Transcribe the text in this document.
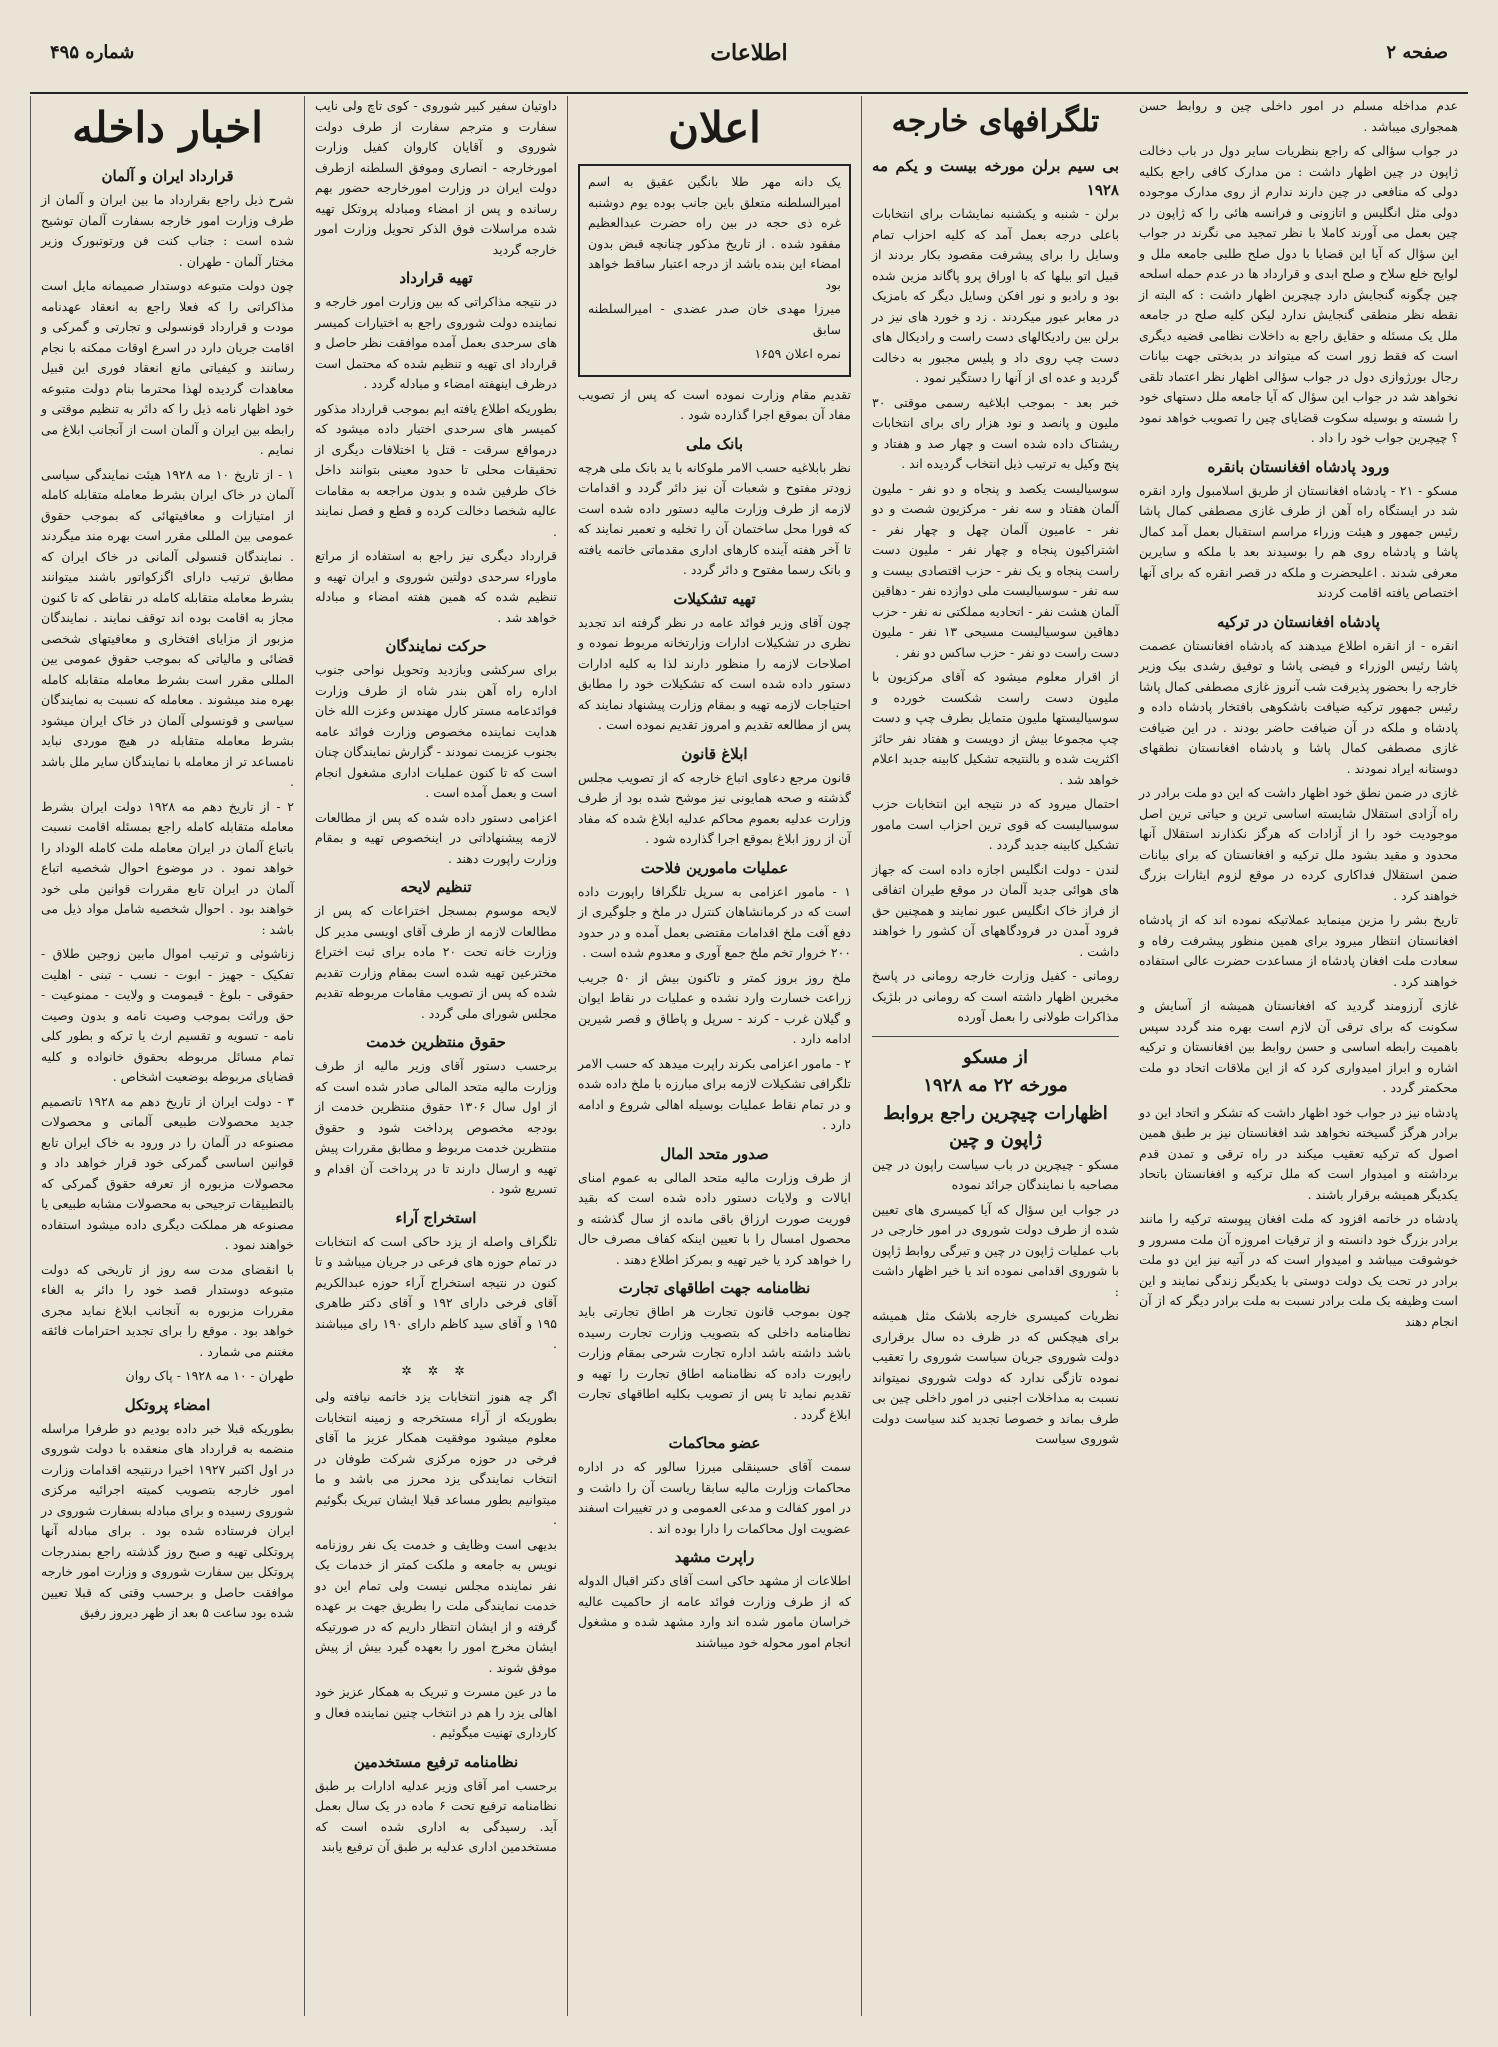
صفحه ۲
اطلاعات
شماره ۴۹۵
اخبار داخله
قرارداد ایران و آلمان

شرح ذیل راجع بقرارداد ما بین ایران و آلمان از طرف وزارت امور خارجه بسفارت آلمان توشیح شده است : جناب کنت فن ورتوتبورک وزیر مختار آلمان - طهران .

چون دولت متبوعه دوستدار صمیمانه مایل است مذاکراتی را که فعلا راجع به انعقاد عهدنامه مودت و قرارداد قونسولی و تجارتی و گمرکی و اقامت جریان دارد در اسرع اوقات ممکنه با نجام رسانند و کیفیاتی مانع انعقاد فوری این قبیل معاهدات گردیده لهذا محترما بنام دولت متبوعه خود اظهار نامه ذیل را که دائر به تنظیم موقتی و رابطه بین ایران و آلمان است از آنجانب ابلاغ می نمایم .

۱ - از تاریخ ۱۰ مه ۱۹۲۸ هیئت نمایندگی سیاسی آلمان در خاک ایران بشرط معامله متقابله کامله از امتیازات و معافیتهائی که بموجب حقوق عمومی بین المللی مقرر است بهره مند میگردند . نمایندگان قنسولی آلمانی در خاک ایران که مطابق ترتیب دارای اگزکواتور باشند میتوانند بشرط معامله متقابله کامله در نقاطی که تا کنون مجاز به اقامت بوده اند توقف نمایند . نمایندگان مزبور از مزایای افتخاری و معافیتهای شخصی قضائی و مالیاتی که بموجب حقوق عمومی بین المللی مقرر است بشرط معامله متقابله کامله بهره مند میشوند . معامله که نسبت به نمایندگان سیاسی و قونسولی آلمان در خاک ایران میشود بشرط معامله متقابله در هیچ موردی نباید نامساعد تر از معامله با نمایندگان سایر ملل باشد .

۲ - از تاریخ دهم مه ۱۹۲۸ دولت ایران بشرط معامله متقابله کامله راجع بمسئله اقامت نسبت باتباع آلمان در ایران معامله ملت کامله الوداد را خواهد نمود . در موضوع احوال شخصیه اتباع آلمان در ایران تابع مقررات قوانین ملی خود خواهند بود . احوال شخصیه شامل مواد ذیل می باشد :

زناشوئی و ترتیب اموال مابین زوجین طلاق - تفکیک - جهیز - ابوت - نسب - تبنی - اهلیت حقوقی - بلوغ - قیمومت و ولایت - ممنوعیت - حق وراثت بموجب وصیت نامه و بدون وصیت نامه - تسویه و تقسیم ارث یا ترکه و بطور کلی تمام مسائل مربوطه بحقوق خانواده و کلیه قضایای مربوطه بوضعیت اشخاص .

۳ - دولت ایران از تاریخ دهم مه ۱۹۲۸ تاتصمیم جدید محصولات طبیعی آلمانی و محصولات مصنوعه در آلمان را در ورود به خاک ایران تابع قوانین اساسی گمرکی خود قرار خواهد داد و محصولات مزبوره از تعرفه حقوق گمرکی که بالتطبیقات ترجیحی به محصولات مشابه طبیعی یا مصنوعه هر مملکت دیگری داده میشود استفاده خواهند نمود .

با انقضای مدت سه روز از تاریخی که دولت متبوعه دوستدار قصد خود را دائر به الغاء مقررات مزبوره به آنجانب ابلاغ نماید مجری خواهد بود . موقع را برای تجدید احترامات فائقه مغتنم می شمارد .

طهران - ۱۰ مه ۱۹۲۸ - پاک روان

امضاء پروتکل

بطوریکه قبلا خبر داده بودیم دو طرفرا مراسله منضمه به قرارداد های منعقده با دولت شوروی در اول اکتبر ۱۹۲۷ اخیرا درنتیجه اقدامات وزارت امور خارجه بتصویب کمیته اجرائیه مرکزی شوروی رسیده و برای مبادله بسفارت شوروی در ایران فرستاده شده بود . برای مبادله آنها پروتکلی تهیه و صبح روز گذشته راجع بمندرجات پروتکل بین سفارت شوروی و وزارت امور خارجه موافقت حاصل و برحسب وقتی که قبلا تعیین شده بود ساعت ۵ بعد از ظهر دیروز رفیق

داوتیان سفیر کبیر شوروی - کوی تاچ ولی نایب سفارت و مترجم سفارت از طرف دولت شوروی و آقایان کاروان کفیل وزارت امورخارجه - انصاری وموفق السلطنه ازطرف دولت ایران در وزارت امورخارجه حضور بهم رسانده و پس از امضاء ومبادله پروتکل تهیه شده مراسلات فوق الذکر تحویل وزارت امور خارجه گردید

تهیه قرارداد

در نتیجه مذاکراتی که بین وزارت امور خارجه و نماینده دولت شوروی راجع به اختیارات کمیسر های سرحدی بعمل آمده موافقت نظر حاصل و قرارداد ای تهیه و تنظیم شده که محتمل است درظرف اینهفته امضاء و مبادله گردد .

بطوریکه اطلاع یافته ایم بموجب قرارداد مذکور کمیسر های سرحدی اختیار داده میشود که درمواقع سرقت - قتل یا اختلافات دیگری از تحقیقات محلی تا حدود معینی بتوانند داخل خاک طرفین شده و بدون مراجعه به مقامات عالیه شخصا دخالت کرده و قطع و فصل نمایند .

قرارداد دیگری نیز راجع به استفاده از مراتع ماوراء سرحدی دولتین شوروی و ایران تهیه و تنظیم شده که همین هفته امضاء و مبادله خواهد شد .

حرکت نمایندگان

برای سرکشی وبازدید وتحویل نواحی جنوب اداره راه آهن بندر شاه از طرف وزارت فوائدعامه مستر کارل مهندس وعزت الله خان هدایت نماینده مخصوص وزارت فوائد عامه بجنوب عزیمت نمودند - گزارش نمایندگان چنان است که تا کنون عملیات اداری مشغول انجام است و بعمل آمده است .

اعزامی دستور داده شده که پس از مطالعات لازمه پیشنهاداتی در اینخصوص تهیه و بمقام وزارت راپورت دهند .

تنظیم لایحه

لایحه موسوم بمسجل اختراعات که پس از مطالعات لازمه از طرف آقای اویسی مدیر کل وزارت خانه تحت ۲۰ ماده برای ثبت اختراع مخترعین تهیه شده است بمقام وزارت تقدیم شده که پس از تصویب مقامات مربوطه تقدیم مجلس شورای ملی گردد .

حقوق منتظرین خدمت

برحسب دستور آقای وزیر مالیه از طرف وزارت مالیه متحد المالی صادر شده است که از اول سال ۱۳۰۶ حقوق منتظرین خدمت از بودجه مخصوص پرداخت شود و حقوق منتظرین خدمت مربوط و مطابق مقررات پیش تهیه و ارسال دارند تا در پرداخت آن اقدام و تسریع شود .

استخراج آراء

تلگراف واصله از یزد حاکی است که انتخابات در تمام حوزه های فرعی در جریان میباشد و تا کنون در نتیجه استخراج آراء حوزه عبدالکریم آقای فرخی دارای ۱۹۲ و آقای دکتر طاهری ۱۹۵ و آقای سید کاظم دارای ۱۹۰ رای میباشند .

✲ ✲ ✲

اگر چه هنوز انتخابات یزد خاتمه نیافته ولی بطوریکه از آراء مستخرجه و زمینه انتخابات معلوم میشود موفقیت همکار عزیز ما آقای فرخی در حوزه مرکزی شرکت طوفان در انتخاب نمایندگی یزد محرز می باشد و ما میتوانیم بطور مساعد قبلا ایشان تبریک بگوئیم .

بدیهی است وظایف و خدمت یک نفر روزنامه نویس به جامعه و ملکت کمتر از خدمات یک نفر نماینده مجلس نیست ولی تمام این دو خدمت نمایندگی ملت را بطریق جهت بر عهده گرفته و از ایشان انتظار داریم که در صورتیکه ایشان مخرج امور را بعهده گیرد بیش از پیش موفق شوند .

ما در عین مسرت و تبریک به همکار عزیز خود اهالی یزد را هم در انتخاب چنین نماینده فعال و کارداری تهنیت میگوئیم .

نظامنامه ترفیع مستخدمین

برحسب امر آقای وزیر عدلیه ادارات بر طبق نظامنامه ترفیع تحت ۶ ماده در یک سال بعمل آید. رسیدگی به اداری شده است که مستخدمین اداری عدلیه بر طبق آن ترفیع یابند

اعلان

یک دانه مهر طلا بانگین عقیق به اسم امیرالسلطنه متعلق باین جانب بوده یوم دوشنبه غره ذی حجه در بین راه حضرت عبدالعظیم مفقود شده . از تاریخ مذکور چنانچه قبض بدون امضاء این بنده باشد از درجه اعتبار ساقط خواهد بود

میرزا مهدی خان صدر عضدی - امیرالسلطنه سابق

نمره اعلان ۱۶۵۹

تقدیم مقام وزارت نموده است که پس از تصویب مفاد آن بموقع اجرا گذارده شود .

بانک ملی

نظر بابلاغیه حسب الامر ملوکانه با ید بانک ملی هرچه زودتر مفتوح و شعبات آن نیز دائر گردد و اقدامات لازمه از طرف وزارت مالیه دستور داده شده است که فورا محل ساختمان آن را تخلیه و تعمیر نمایند که تا آخر هفته آینده کارهای اداری مقدماتی خاتمه یافته و بانک رسما مفتوح و دائر گردد .

تهیه تشکیلات

چون آقای وزیر فوائد عامه در نظر گرفته اند تجدید نظری در تشکیلات ادارات وزارتخانه مربوط نموده و اصلاحات لازمه را منظور دارند لذا به کلیه ادارات دستور داده شده است که تشکیلات خود را مطابق احتیاجات لازمه تهیه و بمقام وزارت پیشنهاد نمایند که پس از مطالعه تقدیم و امروز تقدیم نموده است .

ابلاغ قانون

قانون مرجع دعاوی اتباع خارجه که از تصویب مجلس گذشته و صحه همایونی نیز موشح شده بود از طرف وزارت عدلیه بعموم محاکم عدلیه ابلاغ شده که مفاد آن از روز ابلاغ بموقع اجرا گذارده شود .

عملیات مامورین فلاحت

۱ - مامور اعزامی به سرپل تلگرافا راپورت داده است که در کرمانشاهان کنترل در ملخ و جلوگیری از دفع آفت ملخ اقدامات مقتضی بعمل آمده و در حدود ۲۰۰ خروار تخم ملخ جمع آوری و معدوم شده است .

ملخ روز بروز کمتر و تاکنون بیش از ۵۰ جریب زراعت خسارت وارد نشده و عملیات در نقاط ایوان و گیلان غرب - کرند - سرپل و پاطاق و قصر شیرین ادامه دارد .

۲ - مامور اعزامی بکرند راپرت میدهد که حسب الامر تلگرافی تشکیلات لازمه برای مبارزه با ملخ داده شده و در تمام نقاط عملیات بوسیله اهالی شروع و ادامه دارد .

صدور متحد المال

از طرف وزارت مالیه متحد المالی به عموم امنای ایالات و ولایات دستور داده شده است که بقید فوریت صورت ارزاق باقی مانده از سال گذشته و محصول امسال را با تعیین اینکه کفاف مصرف حال را خواهد کرد یا خیر تهیه و بمرکز اطلاع دهند .

نظامنامه جهت اطاقهای تجارت

چون بموجب قانون تجارت هر اطاق تجارتی باید نظامنامه داخلی که بتصویب وزارت تجارت رسیده باشد داشته باشد اداره تجارت شرحی بمقام وزارت راپورت داده که نظامنامه اطاق تجارت را تهیه و تقدیم نماید تا پس از تصویب بکلیه اطاقهای تجارت ابلاغ گردد .

عضو محاکمات

سمت آقای حسینقلی میرزا سالور که در اداره محاکمات وزارت مالیه سابقا ریاست آن را داشت و در امور کفالت و مدعی العمومی و در تغییرات اسفند عضویت اول محاکمات را دارا بوده اند .

راپرت مشهد

اطلاعات از مشهد حاکی است آقای دکتر اقبال الدوله که از طرف وزارت فوائد عامه از حاکمیت عالیه خراسان مامور شده اند وارد مشهد شده و مشغول انجام امور محوله خود میباشند

تلگرافهای خارجه
بی سیم برلن مورخه بیست و یکم مه ۱۹۲۸

برلن - شنبه و یکشنبه نمایشات برای انتخابات باعلی درجه بعمل آمد که کلیه احزاب تمام وسایل را برای پیشرفت مقصود بکار بردند از قبیل اتو بیلها که با اوراق پرو پاگاند مزین شده بود و رادیو و نور افکن وسایل دیگر که بامزیک در معابر عبور میکردند . زد و خورد های نیز در برلن بین رادیکالهای دست راست و رادیکال های دست چپ روی داد و پلیس مجبور به دخالت گردید و عده ای از آنها را دستگیر نمود .

خبر بعد - بموجب ابلاغیه رسمی موقتی ۳۰ ملیون و پانصد و نود هزار رای برای انتخابات ریشتاک داده شده است و چهار صد و هفتاد و پنج وکیل به ترتیب ذیل انتخاب گردیده اند .

سوسیالیست یکصد و پنجاه و دو نفر - ملیون آلمان هفتاد و سه نفر - مرکزیون شصت و دو نفر - عامیون آلمان چهل و چهار نفر - اشتراکیون پنجاه و چهار نفر - ملیون دست راست پنجاه و یک نفر - حزب اقتصادی بیست و سه نفر - سوسیالیست ملی دوازده نفر - دهاقین آلمان هشت نفر - اتحادیه مملکتی نه نفر - حزب دهاقین سوسیالیست مسیحی ۱۳ نفر - ملیون دست راست دو نفر - حزب ساکس دو نفر .

از اقرار معلوم میشود که آقای مرکزیون با ملیون دست راست شکست خورده و سوسیالیستها ملیون متمایل بطرف چپ و دست چپ مجموعا بیش از دویست و هفتاد نفر حائز اکثریت شده و بالنتیجه تشکیل کابینه جدید اعلام خواهد شد .

احتمال میرود که در نتیجه این انتخابات حزب سوسیالیست که قوی ترین احزاب است مامور تشکیل کابینه جدید گردد .

لندن - دولت انگلیس اجازه داده است که جهاز های هوائی جدید آلمان در موقع طیران اتفاقی از فراز خاک انگلیس عبور نمایند و همچنین حق فرود آمدن در فرودگاههای آن کشور را خواهند داشت .

رومانی - کفیل وزارت خارجه رومانی در پاسخ مخبرین اظهار داشته است که رومانی در بلژیک مذاکرات طولانی را بعمل آورده

از مسکو
مورخه ۲۲ مه ۱۹۲۸
اظهارات چیچرین راجع بروابط ژاپون و چین

مسکو - چیچرین در باب سیاست راپون در چین مصاحبه با نمایندگان جرائد نموده

در جواب این سؤال که آیا کمیسری های تعیین شده از طرف دولت شوروی در امور خارجی در باب عملیات ژاپون در چین و تیرگی روابط ژاپون با شوروی اقدامی نموده اند یا خیر اظهار داشت :

نظریات کمیسری خارجه بلاشک مثل همیشه برای هیچکس که در ظرف ده سال برقراری دولت شوروی جریان سیاست شوروی را تعقیب نموده تازگی ندارد که دولت شوروی نمیتواند نسبت به مداخلات اجنبی در امور داخلی چین بی طرف بماند و خصوصا تجدید کند سیاست دولت شوروی سیاست

عدم مداخله مسلم در امور داخلی چین و روابط حسن همجواری میباشد .

در جواب سؤالی که راجع بنظریات سایر دول در باب دخالت ژاپون در چین اظهار داشت : من مدارک کافی راجع بکلیه دولی که منافعی در چین دارند ندارم از روی مدارک موجوده دولی مثل انگلیس و اتازونی و فرانسه هائی را که ژاپون در چین بعمل می آورند کاملا با نظر تمجید می نگرند در جواب این سؤال که آیا این قضایا با دول صلح طلبی جامعه ملل و لوایح خلع سلاح و صلح ابدی و قرارداد ها در عدم حمله اسلحه چین چگونه گنجایش دارد چیچرین اظهار داشت : که البته از نقطه نظر منطقی گنجایش ندارد لیکن کلیه صلح در جامعه ملل یک مسئله و حقایق راجع به داخلات نظامی قضیه دیگری است که فقط زور است که میتواند در بدبختی جهت بیانات رجال بورژوازی دول در جواب سؤالی اظهار نظر اعتماد تلقی نخواهد شد در جواب این سؤال که آیا جامعه ملل دستهای خود را شسته و بوسیله سکوت قضایای چین را تصویب خواهد نمود ؟ چیچرین جواب خود را داد .

ورود پادشاه افغانستان بانقره

مسکو - ۲۱ - پادشاه افغانستان از طریق اسلامبول وارد انقره شد در ایستگاه راه آهن از طرف غازی مصطفی کمال پاشا رئیس جمهور و هیئت وزراء مراسم استقبال بعمل آمد کمال پاشا و پادشاه روی هم را بوسیدند بعد با ملکه و سایرین معرفی شدند . اعلیحضرت و ملکه در قصر انقره که برای آنها اختصاص یافته اقامت کردند

پادشاه افغانستان در ترکیه

انقره - از انقره اطلاع میدهند که پادشاه افغانستان عصمت پاشا رئیس الوزراء و فیضی پاشا و توفیق رشدی بیک وزیر خارجه را بحضور پذیرفت شب آنروز غازی مصطفی کمال پاشا رئیس جمهور ترکیه ضیافت باشکوهی بافتخار پادشاه داده و پادشاه و ملکه در آن ضیافت حاضر بودند . در این ضیافت غازی مصطفی کمال پاشا و پادشاه افغانستان نطقهای دوستانه ایراد نمودند .

غازی در ضمن نطق خود اظهار داشت که این دو ملت برادر در راه آزادی استقلال شایسته اساسی ترین و حیاتی ترین اصل موجودیت خود را از آزادات که هرگز نکذارند استقلال آنها محدود و مقید بشود ملل ترکیه و افغانستان که برای بیانات ضمن استقلال فداکاری کرده در موقع لزوم ایثارات بزرگ خواهند کرد .

تاریخ بشر را مزین مینماید عملاتیکه نموده اند که از پادشاه افغانستان انتظار میرود برای همین منظور پیشرفت رفاه و سعادت ملت افغان پادشاه از مساعدت حضرت عالی استفاده خواهند کرد .

غازی آرزومند گردید که افغانستان همیشه از آسایش و سکونت که برای ترقی آن لازم است بهره مند گردد سپس باهمیت رابطه اساسی و حسن روابط بین افغانستان و ترکیه اشاره و ابراز امیدواری کرد که از این ملاقات اتحاد دو ملت محکمتر گردد .

پادشاه نیز در جواب خود اظهار داشت که تشکر و اتحاد این دو برادر هرگز گسیخته نخواهد شد افغانستان نیز بر طبق همین اصول که ترکیه تعقیب میکند در راه ترقی و تمدن قدم برداشته و امیدوار است که ملل ترکیه و افغانستان باتحاد یکدیگر همیشه برقرار باشند .

پادشاه در خاتمه افزود که ملت افغان پیوسته ترکیه را مانند برادر بزرگ خود دانسته و از ترقیات امروزه آن ملت مسرور و خوشوقت میباشد و امیدوار است که در آتیه نیز این دو ملت برادر در تحت یک دولت دوستی با یکدیگر زندگی نمایند و این است وظیفه یک ملت برادر نسبت به ملت برادر دیگر که از آن انجام دهند
